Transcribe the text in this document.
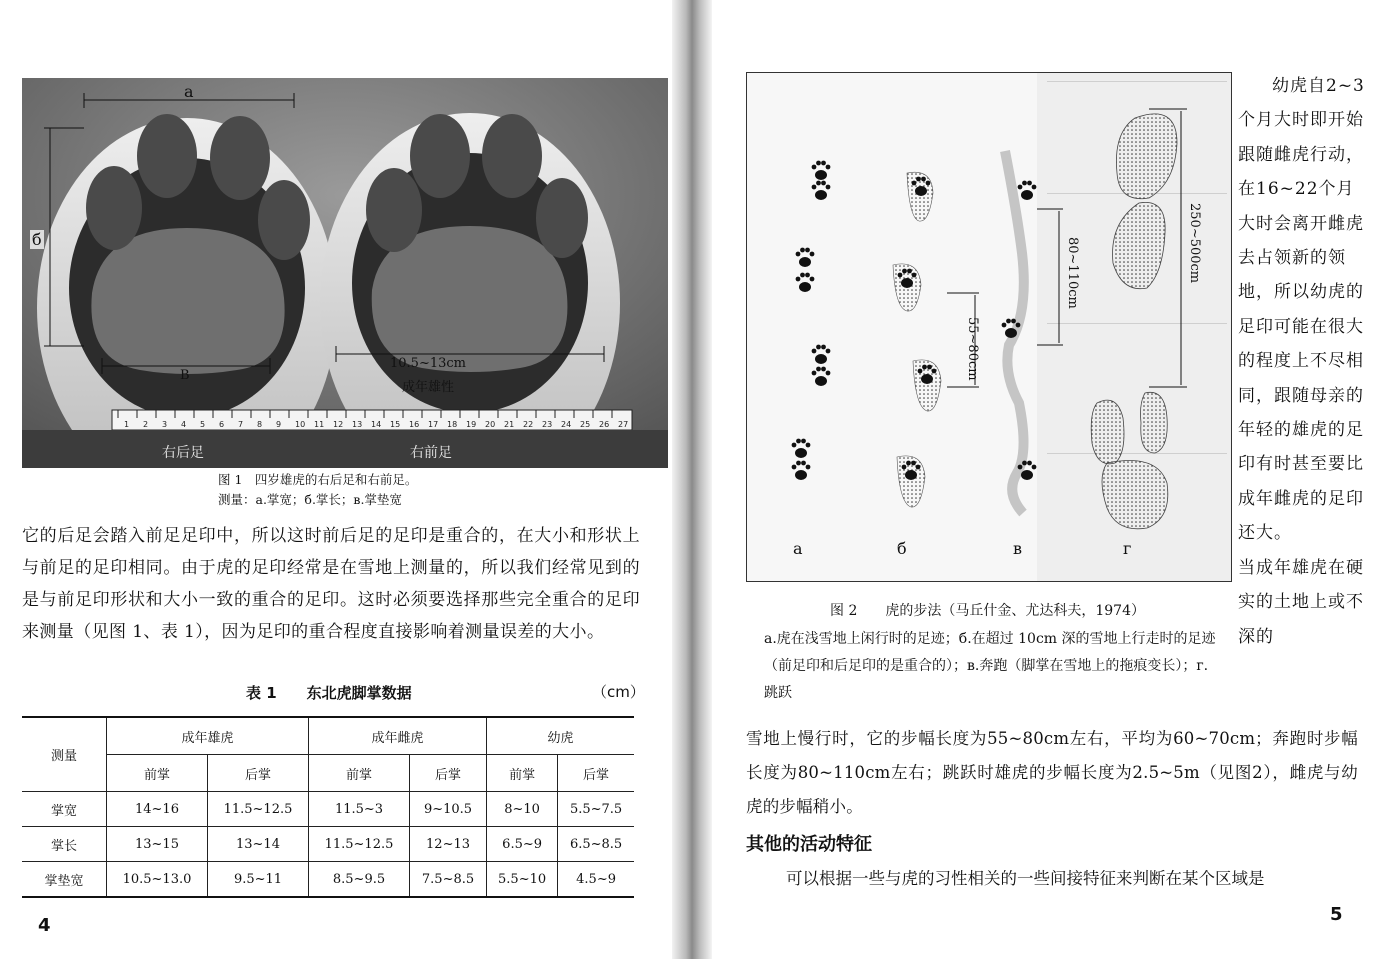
1 2 3 4 5 6 7 8 9 10 11 12 13 14 15 16 17 18 19 20 21 22 23 24 25 26 27
a
б
В
10.5~13cm
成年雄性
右后足	右前足
图 1　四岁雄虎的右后足和右前足。
测量：a.掌宽；б.掌长；в.掌垫宽
它的后足会踏入前足足印中，所以这时前后足的足印是重合的，在大小和形状上与前足的足印相同。由于虎的足印经常是在雪地上测量的，所以我们经常见到的是与前足印形状和大小一致的重合的足印。这时必须要选择那些完全重合的足印来测量（见图 1、表 1），因为足印的重合程度直接影响着测量误差的大小。
表 1　　东北虎脚掌数据	（cm）
测量	成年雄虎		成年雌虎		幼虎	
	前掌	后掌	前掌	后掌	前掌	后掌
掌宽	14~16	11.5~12.5	11.5~3	9~10.5	8~10	5.5~7.5
掌长	13~15	13~14	11.5~12.5	12~13	6.5~9	6.5~8.5
掌垫宽	10.5~13.0	9.5~11	8.5~9.5	7.5~8.5	5.5~10	4.5~9
4
55~80cm
80~110cm	250~500cm
а	б	в	г
幼虎自2~3个月大时即开始跟随雌虎行动，在16~22个月大时会离开雌虎去占领新的领地，所以幼虎的足印可能在很大的程度上不尽相同，跟随母亲的年轻的雄虎的足印有时甚至要比成年雌虎的足印还大。
当成年雄虎在硬实的土地上或不深的
图 2　　虎的步法（马丘什金、尤达科夫，1974）
a.虎在浅雪地上闲行时的足迹；б.在超过 10cm 深的雪地上行走时的足迹（前足印和后足印的是重合的）；в.奔跑（脚掌在雪地上的拖痕变长）；г.跳跃
雪地上慢行时，它的步幅长度为55~80cm左右，平均为60~70cm；奔跑时步幅长度为80~110cm左右；跳跃时雄虎的步幅长度为2.5~5m（见图2），雌虎与幼虎的步幅稍小。
其他的活动特征
可以根据一些与虎的习性相关的一些间接特征来判断在某个区域是
5
